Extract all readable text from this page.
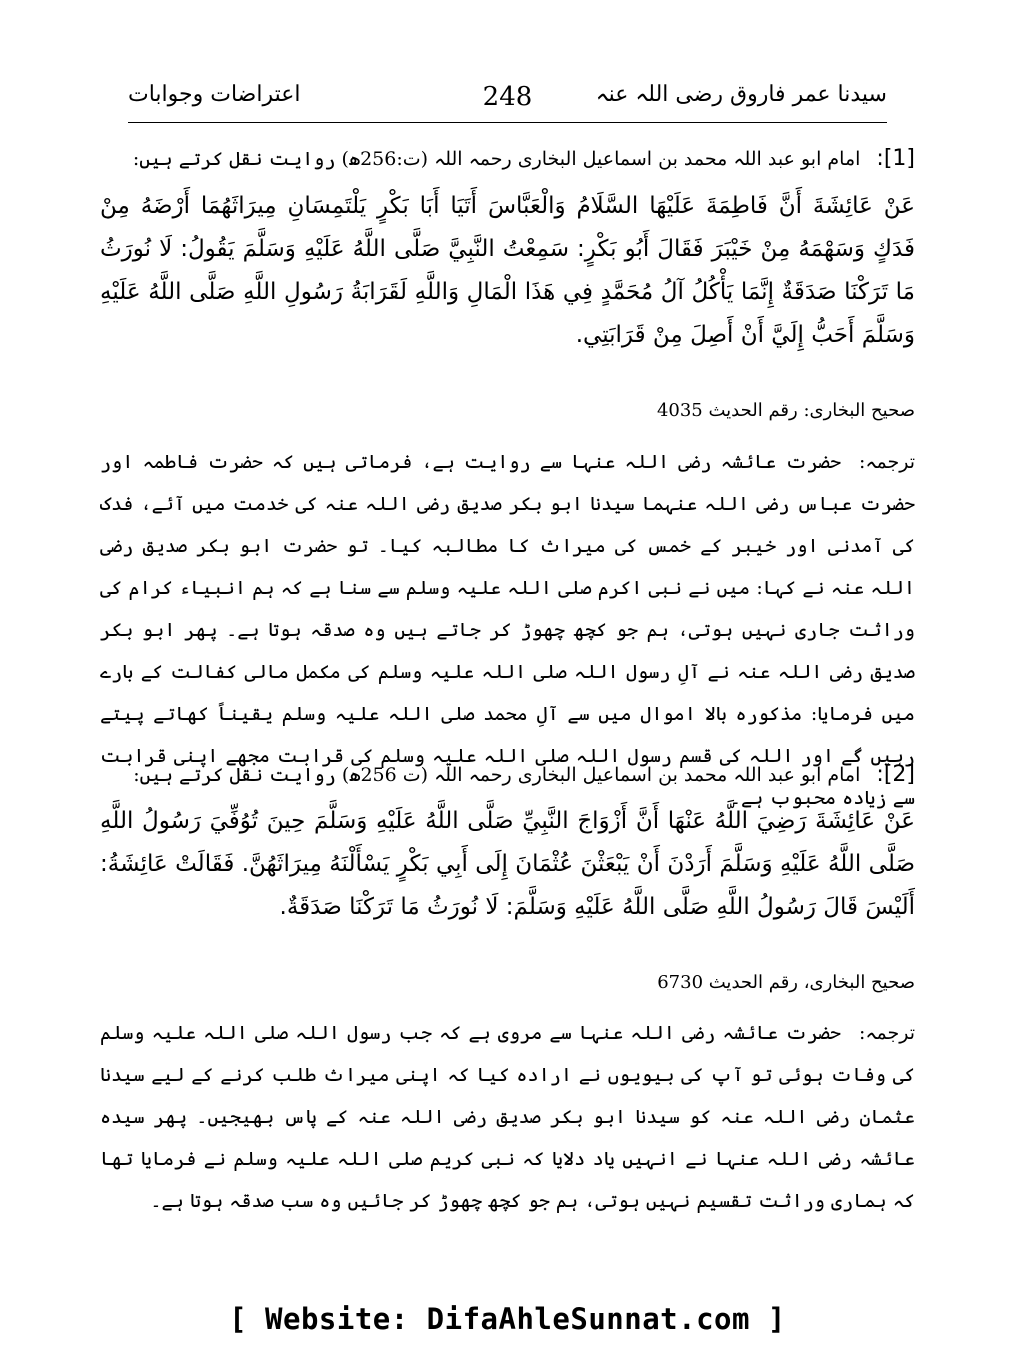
سیدنا عمر فاروق رضی اللہ عنہ
248
اعتراضات وجوابات
[1]:امام ابو عبد اللہ محمد بن اسماعیل البخاری رحمہ اللہ (ت:256ھ) روایت نقل کرتے ہیں:
عَنْ عَائِشَةَ أَنَّ فَاطِمَةَ عَلَيْهَا السَّلَامُ وَالْعَبَّاسَ أَتَيَا أَبَا بَكْرٍ يَلْتَمِسَانِ مِيرَاثَهُمَا أَرْضَهُ مِنْ فَدَكٍ وَسَهْمَهُ مِنْ خَيْبَرَ فَقَالَ أَبُو بَكْرٍ: سَمِعْتُ النَّبِيَّ صَلَّى اللَّهُ عَلَيْهِ وَسَلَّمَ يَقُولُ: لَا نُورَثُ مَا تَرَكْنَا صَدَقَةٌ إِنَّمَا يَأْكُلُ آلُ مُحَمَّدٍ فِي هَذَا الْمَالِ وَاللَّهِ لَقَرَابَةُ رَسُولِ اللَّهِ صَلَّى اللَّهُ عَلَيْهِ وَسَلَّمَ أَحَبُّ إِلَيَّ أَنْ أَصِلَ مِنْ قَرَابَتِي.
صحیح البخاری: رقم الحدیث 4035
ترجمہ:حضرت عائشہ رضی اللہ عنہا سے روایت ہے، فرماتی ہیں کہ حضرت فاطمہ اور حضرت عباس رضی اللہ عنہما سیدنا ابو بکر صدیق رضی اللہ عنہ کی خدمت میں آئے، فدک کی آمدنی اور خیبر کے خمس کی میراث کا مطالبہ کیا۔ تو حضرت ابو بکر صدیق رضی اللہ عنہ نے کہا: میں نے نبی اکرم صلی اللہ علیہ وسلم سے سنا ہے کہ ہم انبیاء کرام کی وراثت جاری نہیں ہوتی، ہم جو کچھ چھوڑ کر جاتے ہیں وہ صدقہ ہوتا ہے۔ پھر ابو بکر صدیق رضی اللہ عنہ نے آلِ رسول اللہ صلی اللہ علیہ وسلم کی مکمل مالی کفالت کے بارے میں فرمایا: مذکورہ بالا اموال میں سے آلِ محمد صلی اللہ علیہ وسلم یقیناً کھاتے پیتے رہیں گے اور اللہ کی قسم رسول اللہ صلی اللہ علیہ وسلم کی قرابت مجھے اپنی قرابت سے زیادہ محبوب ہے۔
[2]:امام ابو عبد اللہ محمد بن اسماعیل البخاری رحمہ اللہ (ت 256ھ) روایت نقل کرتے ہیں:
عَنْ عَائِشَةَ رَضِيَ اللَّهُ عَنْهَا أَنَّ أَزْوَاجَ النَّبِيِّ صَلَّى اللَّهُ عَلَيْهِ وَسَلَّمَ حِينَ تُوُفِّيَ رَسُولُ اللَّهِ صَلَّى اللَّهُ عَلَيْهِ وَسَلَّمَ أَرَدْنَ أَنْ يَبْعَثْنَ عُثْمَانَ إِلَى أَبِي بَكْرٍ يَسْأَلْنَهُ مِيرَاثَهُنَّ. فَقَالَتْ عَائِشَةُ: أَلَيْسَ قَالَ رَسُولُ اللَّهِ صَلَّى اللَّهُ عَلَيْهِ وَسَلَّمَ: لَا نُورَثُ مَا تَرَكْنَا صَدَقَةٌ.
صحیح البخاری، رقم الحدیث 6730
ترجمہ:حضرت عائشہ رضی اللہ عنہا سے مروی ہے کہ جب رسول اللہ صلی اللہ علیہ وسلم کی وفات ہوئی تو آپ کی بیویوں نے ارادہ کیا کہ اپنی میراث طلب کرنے کے لیے سیدنا عثمان رضی اللہ عنہ کو سیدنا ابو بکر صدیق رضی اللہ عنہ کے پاس بھیجیں۔ پھر سیدہ عائشہ رضی اللہ عنہا نے انہیں یاد دلایا کہ نبی کریم صلی اللہ علیہ وسلم نے فرمایا تھا کہ ہماری وراثت تقسیم نہیں ہوتی، ہم جو کچھ چھوڑ کر جائیں وہ سب صدقہ ہوتا ہے۔
[ Website: DifaAhleSunnat.com ]
